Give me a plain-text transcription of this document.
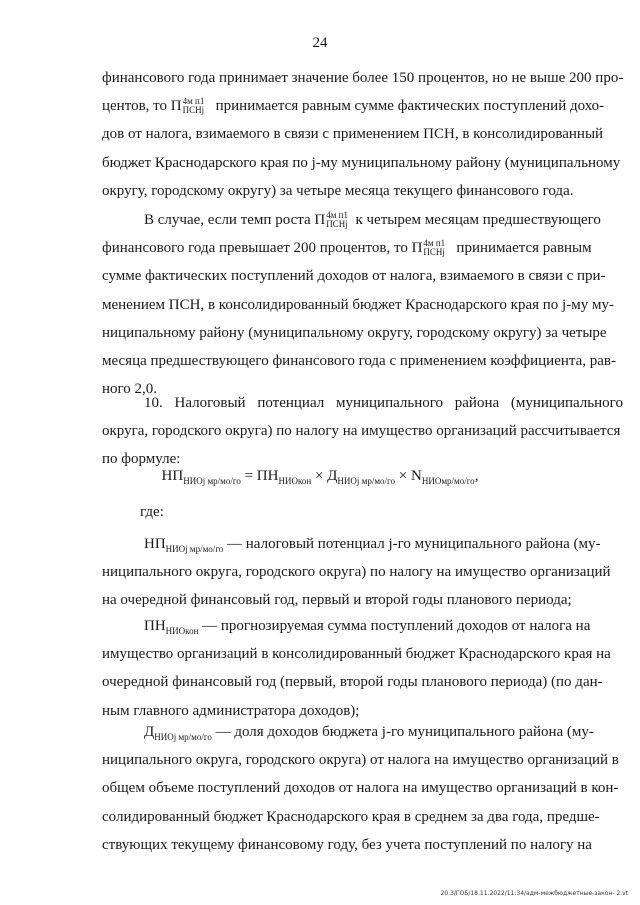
24
финансового года принимает значение более 150 процентов, но не выше 200 про-
центов, то П 4м п1
ПСНj принимается равным сумме фактических поступлений дохо-
дов от налога, взимаемого в связи с применением ПСН, в консолидированный
бюджет Краснодарского края по j-му муниципальному району (муниципальному
округу, городскому округу) за четыре месяца текущего финансового года.
В случае, если темп роста П 4м п1
ПСНj к четырем месяцам предшествующего
финансового года превышает 200 процентов, то П 4м п1
ПСНj принимается равным
сумме фактических поступлений доходов от налога, взимаемого в связи с при-
менением ПСН, в консолидированный бюджет Краснодарского края по j-му му-
ниципальному району (муниципальному округу, городскому округу) за четыре
месяца предшествующего финансового года с применением коэффициента, рав-
ного 2,0.
10. Налоговый потенциал муниципального района (муниципального
округа, городского округа) по налогу на имущество организаций рассчитывается
по формуле:
$НП_{НИОj мр/мо/го} = ПН_{НИОкон} \times Д_{НИОj мр/мо/го} \times N_{НИОмр/мо/го}$,
где:
$НП_{НИОj мр/мо/го}$ — налоговый потенциал j-го муниципального района (му-
ниципального округа, городского округа) по налогу на имущество организаций
на очередной финансовый год, первый и второй годы планового периода;
$ПН_{НИОкон}$ — прогнозируемая сумма поступлений доходов от налога на
имущество организаций в консолидированный бюджет Краснодарского края на
очередной финансовый год (первый, второй годы планового периода) (по дан-
ным главного администратора доходов);
$Д_{НИОj мр/мо/го}$ — доля доходов бюджета j-го муниципального района (му-
ниципального округа, городского округа) от налога на имущество организаций в
общем объеме поступлений доходов от налога на имущество организаций в кон-
солидированный бюджет Краснодарского края в среднем за два года, предше-
ствующих текущему финансовому году, без учета поступлений по налогу на
20.3/ГОБ/18.11.2022/11:34/адм-межбюджетные-закон- 2.vt
